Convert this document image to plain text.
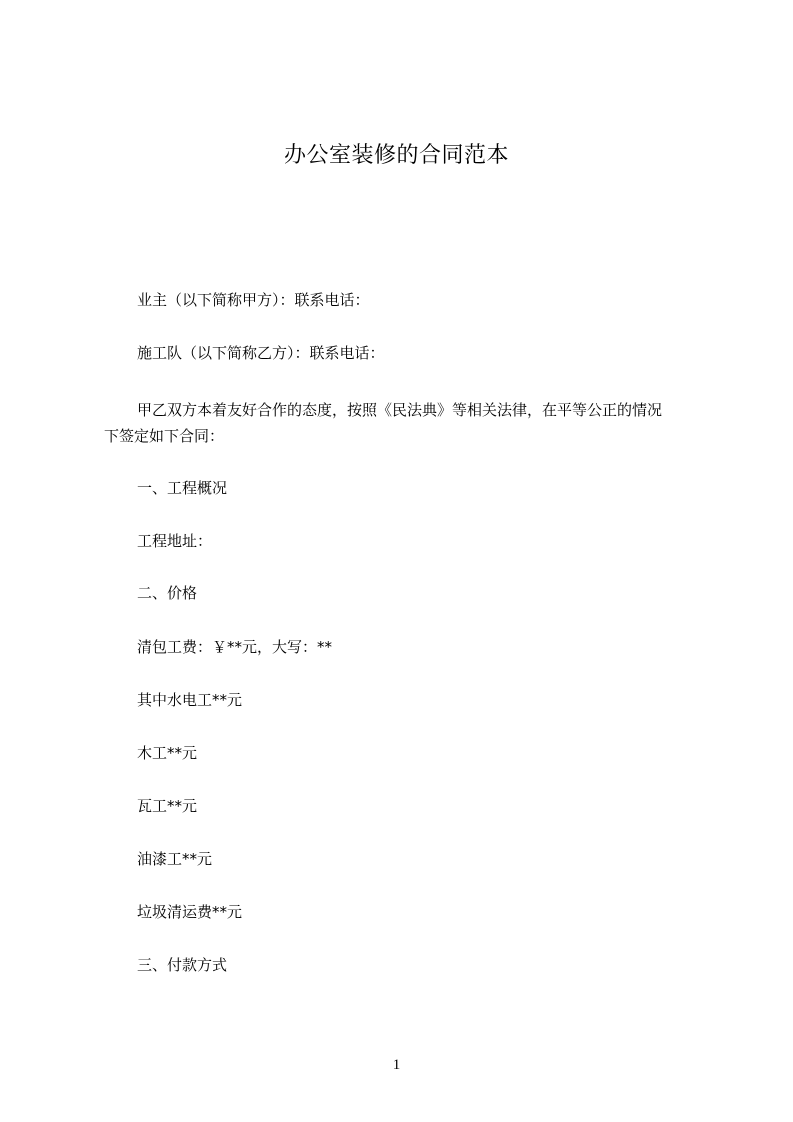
办公室装修的合同范本

业主（以下简称甲方）：联系电话：

施工队（以下简称乙方）：联系电话：

甲乙双方本着友好合作的态度，按照《民法典》等相关法律，在平等公正的情况
下签定如下合同：

一、工程概况

工程地址：

二、价格

清包工费：￥**元，大写：**

其中水电工**元

木工**元

瓦工**元

油漆工**元

垃圾清运费**元

三、付款方式

1
